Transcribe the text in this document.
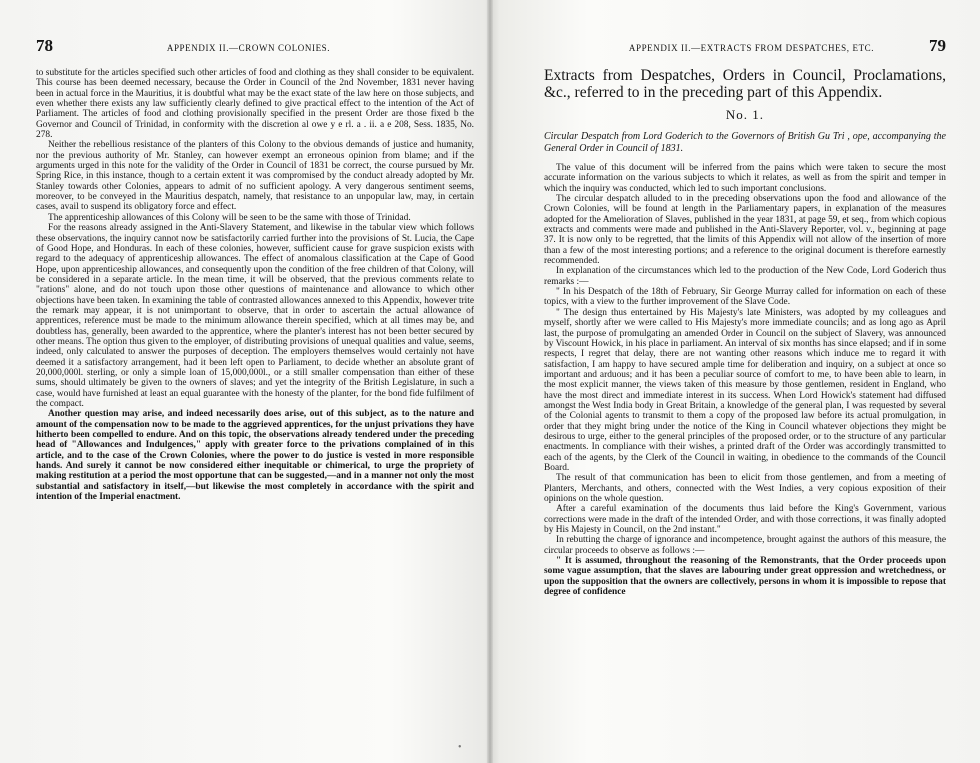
78	APPENDIX II.—CROWN COLONIES.

to substitute for the articles specified such other articles of food and clothing as they shall consider to be equivalent. This course has been deemed necessary, because the Order in Council of the 2nd November, 1831 never having been in actual force in the Mauritius, it is doubtful what may be the exact state of the law here on those subjects, and even whether there exists any law sufficiently clearly defined to give practical effect to the intention of the Act of Parliament. The articles of food and clothing provisionally specified in the present Order are those fixed b the Governor and Council of Trinidad, in conformity with the discretion al owe y e rl. a . ii. a e 208, Sess. 1835, No. 278.

Neither the rebellious resistance of the planters of this Colony to the obvious demands of justice and humanity, nor the previous authority of Mr. Stanley, can however exempt an erroneous opinion from blame; and if the arguments urged in this note for the validity of the Order in Council of 1831 be correct, the course pursued by Mr. Spring Rice, in this instance, though to a certain extent it was compromised by the conduct already adopted by Mr. Stanley towards other Colonies, appears to admit of no sufficient apology. A very dangerous sentiment seems, moreover, to be conveyed in the Mauritius despatch, namely, that resistance to an unpopular law, may, in certain cases, avail to suspend its obligatory force and effect.

The apprenticeship allowances of this Colony will be seen to be the same with those of Trinidad.

For the reasons already assigned in the Anti-Slavery Statement, and likewise in the tabular view which follows these observations, the inquiry cannot now be satisfactorily carried further into the provisions of St. Lucia, the Cape of Good Hope, and Honduras. In each of these colonies, however, sufficient cause for grave suspicion exists with regard to the adequacy of apprenticeship allowances. The effect of anomalous classification at the Cape of Good Hope, upon apprenticeship allowances, and consequently upon the condition of the free children of that Colony, will be considered in a separate article. In the mean time, it will be observed, that the previous comments relate to "rations" alone, and do not touch upon those other questions of maintenance and allowance to which other objections have been taken. In examining the table of contrasted allowances annexed to this Appendix, however trite the remark may appear, it is not unimportant to observe, that in order to ascertain the actual allowance of apprentices, reference must be made to the minimum allowance therein specified, which at all times may be, and doubtless has, generally, been awarded to the apprentice, where the planter's interest has not been better secured by other means. The option thus given to the employer, of distributing provisions of unequal qualities and value, seems, indeed, only calculated to answer the purposes of deception. The employers themselves would certainly not have deemed it a satisfactory arrangement, had it been left open to Parliament, to decide whether an absolute grant of 20,000,000l. sterling, or only a simple loan of 15,000,000l., or a still smaller compensation than either of these sums, should ultimately be given to the owners of slaves; and yet the integrity of the British Legislature, in such a case, would have furnished at least an equal guarantee with the honesty of the planter, for the bond fide fulfilment of the compact.

Another question may arise, and indeed necessarily does arise, out of this subject, as to the nature and amount of the compensation now to be made to the aggrieved apprentices, for the unjust privations they have hitherto been compelled to endure. And on this topic, the observations already tendered under the preceding head of "Allowances and Indulgences," apply with greater force to the privations complained of in this article, and to the case of the Crown Colonies, where the power to do justice is vested in more responsible hands. And surely it cannot be now considered either inequitable or chimerical, to urge the propriety of making restitution at a period the most opportune that can be suggested,—and in a manner not only the most substantial and satisfactory in itself,—but likewise the most completely in accordance with the spirit and intention of the Imperial enactment.

APPENDIX II.—EXTRACTS FROM DESPATCHES, ETC.	79
Extracts from Despatches, Orders in Council, Proclamations, &c., referred to in the preceding part of this Appendix.
No. 1.
Circular Despatch from Lord Goderich to the Governors of British Gu Tri , ope, accompanying the General Order in Council of 1831.

The value of this document will be inferred from the pains which were taken to secure the most accurate information on the various subjects to which it relates, as well as from the spirit and temper in which the inquiry was conducted, which led to such important conclusions.

The circular despatch alluded to in the preceding observations upon the food and allowance of the Crown Colonies, will be found at length in the Parliamentary papers, in explanation of the measures adopted for the Amelioration of Slaves, published in the year 1831, at page 59, et seq., from which copious extracts and comments were made and published in the Anti-Slavery Reporter, vol. v., beginning at page 37. It is now only to be regretted, that the limits of this Appendix will not allow of the insertion of more than a few of the most interesting portions; and a reference to the original document is therefore earnestly recommended.

In explanation of the circumstances which led to the production of the New Code, Lord Goderich thus remarks :—

" In his Despatch of the 18th of February, Sir George Murray called for information on each of these topics, with a view to the further improvement of the Slave Code.

" The design thus entertained by His Majesty's late Ministers, was adopted by my colleagues and myself, shortly after we were called to His Majesty's more immediate councils; and as long ago as April last, the purpose of promulgating an amended Order in Council on the subject of Slavery, was announced by Viscount Howick, in his place in parliament. An interval of six months has since elapsed; and if in some respects, I regret that delay, there are not wanting other reasons which induce me to regard it with satisfaction, I am happy to have secured ample time for deliberation and inquiry, on a subject at once so important and arduous; and it has been a peculiar source of comfort to me, to have been able to learn, in the most explicit manner, the views taken of this measure by those gentlemen, resident in England, who have the most direct and immediate interest in its success. When Lord Howick's statement had diffused amongst the West India body in Great Britain, a knowledge of the general plan, I was requested by several of the Colonial agents to transmit to them a copy of the proposed law before its actual promulgation, in order that they might bring under the notice of the King in Council whatever objections they might be desirous to urge, either to the general principles of the proposed order, or to the structure of any particular enactments. In compliance with their wishes, a printed draft of the Order was accordingly transmitted to each of the agents, by the Clerk of the Council in waiting, in obedience to the commands of the Council Board.

The result of that communication has been to elicit from those gentlemen, and from a meeting of Planters, Merchants, and others, connected with the West Indies, a very copious exposition of their opinions on the whole question.

After a careful examination of the documents thus laid before the King's Government, various corrections were made in the draft of the intended Order, and with those corrections, it was finally adopted by His Majesty in Council, on the 2nd instant."

In rebutting the charge of ignorance and incompetence, brought against the authors of this measure, the circular proceeds to observe as follows :—

" It is assumed, throughout the reasoning of the Remonstrants, that the Order proceeds upon some vague assumption, that the slaves are labouring under great oppression and wretchedness, or upon the supposition that the owners are collectively, persons in whom it is impossible to repose that degree of confidence

•
